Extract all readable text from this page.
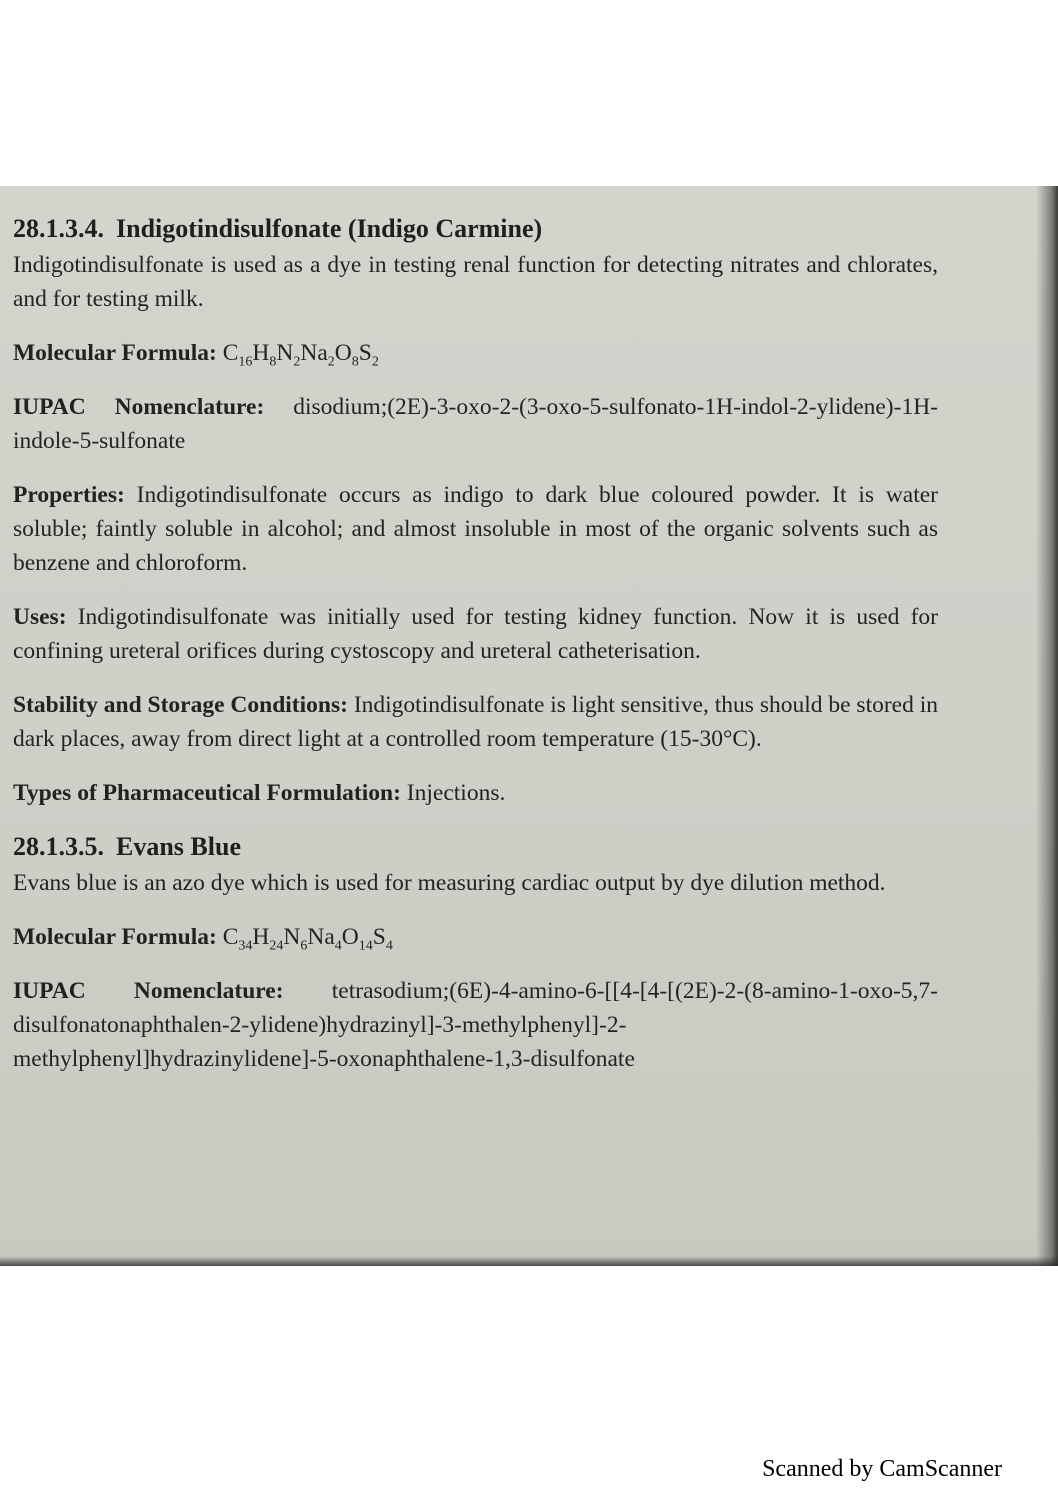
28.1.3.4. Indigotindisulfonate (Indigo Carmine)

Indigotindisulfonate is used as a dye in testing renal function for detecting nitrates and chlorates, and for testing milk.

Molecular Formula: $C_{16}H_8N_2Na_2O_8S_2$

IUPAC Nomenclature: disodium;(2E)-3-oxo-2-(3-oxo-5-sulfonato-1H-indol-2-ylidene)-1H-indole-5-sulfonate

Properties: Indigotindisulfonate occurs as indigo to dark blue coloured powder. It is water soluble; faintly soluble in alcohol; and almost insoluble in most of the organic solvents such as benzene and chloroform.

Uses: Indigotindisulfonate was initially used for testing kidney function. Now it is used for confining ureteral orifices during cystoscopy and ureteral catheterisation.

Stability and Storage Conditions: Indigotindisulfonate is light sensitive, thus should be stored in dark places, away from direct light at a controlled room temperature (15-30°C).

Types of Pharmaceutical Formulation: Injections.

28.1.3.5. Evans Blue

Evans blue is an azo dye which is used for measuring cardiac output by dye dilution method.

Molecular Formula: $C_{34}H_{24}N_6Na_4O_{14}S_4$

IUPAC Nomenclature: tetrasodium;(6E)-4-amino-6-[[4-[4-[(2E)-2-(8-amino-1-oxo-5,7-disulfonatonaphthalen-2-ylidene)hydrazinyl]-3-methylphenyl]-2-methylphenyl]hydrazinylidene]-5-oxonaphthalene-1,3-disulfonate

Scanned by CamScanner
